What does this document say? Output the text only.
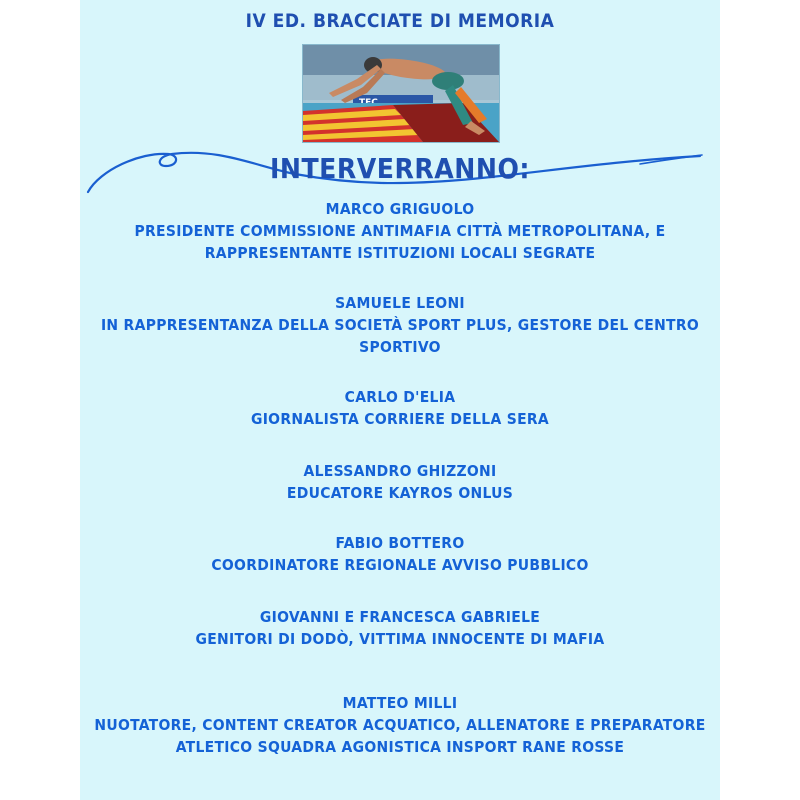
IV ED. BRACCIATE DI MEMORIA
INTERVERRANNO:
MARCO GRIGUOLO
PRESIDENTE COMMISSIONE ANTIMAFIA CITTÀ METROPOLITANA, E RAPPRESENTANTE ISTITUZIONI LOCALI SEGRATE
SAMUELE LEONI
IN RAPPRESENTANZA DELLA SOCIETÀ SPORT PLUS, GESTORE DEL CENTRO SPORTIVO
CARLO D'ELIA
GIORNALISTA CORRIERE DELLA SERA
ALESSANDRO GHIZZONI
EDUCATORE KAYROS ONLUS
FABIO BOTTERO
COORDINATORE REGIONALE AVVISO PUBBLICO
GIOVANNI E FRANCESCA GABRIELE
GENITORI DI DODÒ, VITTIMA INNOCENTE DI MAFIA
MATTEO MILLI
NUOTATORE, CONTENT CREATOR ACQUATICO, ALLENATORE E PREPARATORE ATLETICO SQUADRA AGONISTICA INSPORT RANE ROSSE
